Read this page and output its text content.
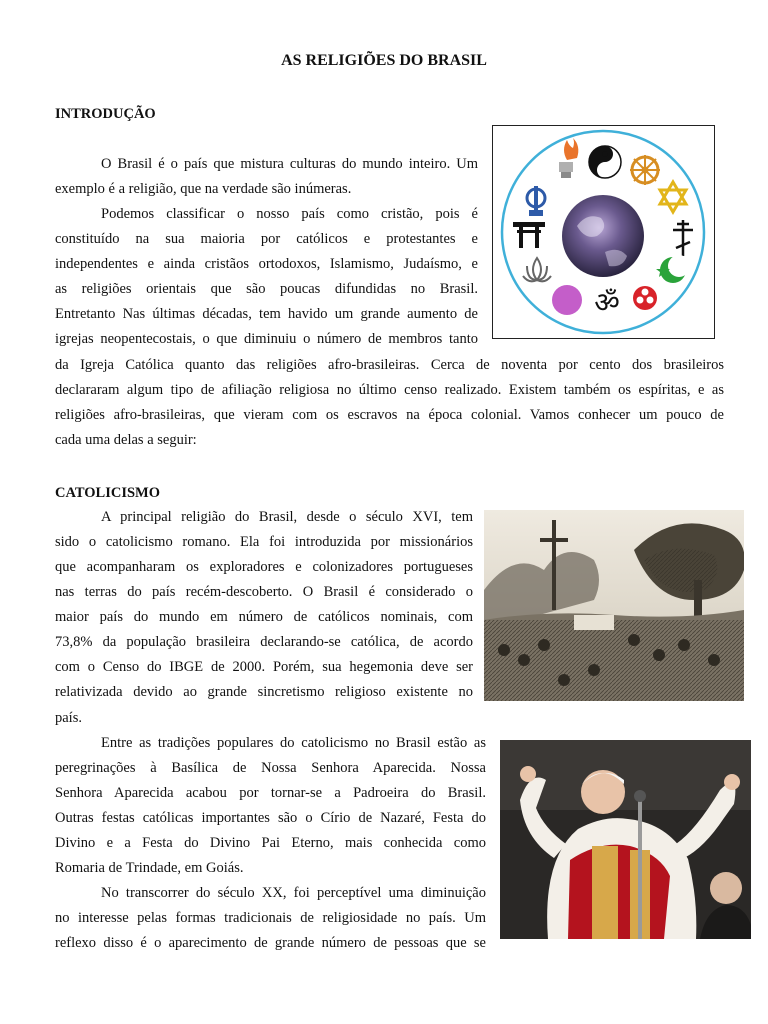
AS RELIGIÕES DO BRASIL
INTRODUÇÃO
O Brasil é o país que mistura culturas do mundo inteiro. Um
exemplo é a religião, que na verdade são inúmeras.
Podemos classificar o nosso país como cristão, pois é
constituído na sua maioria por católicos e protestantes e
independentes e ainda cristãos ortodoxos, Islamismo, Judaísmo, e
as religiões orientais que são poucas difundidas no Brasil.
Entretanto Nas últimas décadas, tem havido um grande aumento de
igrejas neopentecostais, o que diminuiu o número de membros tanto
da Igreja Católica quanto das religiões afro-brasileiras. Cerca de noventa por cento dos brasileiros
declararam algum tipo de afiliação religiosa no último censo realizado. Existem também os espíritas, e as
religiões afro-brasileiras, que vieram com os escravos na época colonial. Vamos conhecer um pouco de
cada uma delas a seguir:
ॐ
CATOLICISMO
A principal religião do Brasil, desde o século XVI, tem
sido o catolicismo romano. Ela foi introduzida por missionários
que acompanharam os exploradores e colonizadores portugueses
nas terras do país recém-descoberto. O Brasil é considerado o
maior país do mundo em número de católicos nominais, com
73,8% da população brasileira declarando-se católica, de acordo
com o Censo do IBGE de 2000. Porém, sua hegemonia deve ser
relativizada devido ao grande sincretismo religioso existente no
país.
Entre as tradições populares do catolicismo no Brasil estão as
peregrinações à Basílica de Nossa Senhora Aparecida. Nossa
Senhora Aparecida acabou por tornar-se a Padroeira do Brasil.
Outras festas católicas importantes são o Círio de Nazaré, Festa do
Divino e a Festa do Divino Pai Eterno, mais conhecida como
Romaria de Trindade, em Goiás.
No transcorrer do século XX, foi perceptível uma diminuição
no interesse pelas formas tradicionais de religiosidade no país. Um
reflexo disso é o aparecimento de grande número de pessoas que se
